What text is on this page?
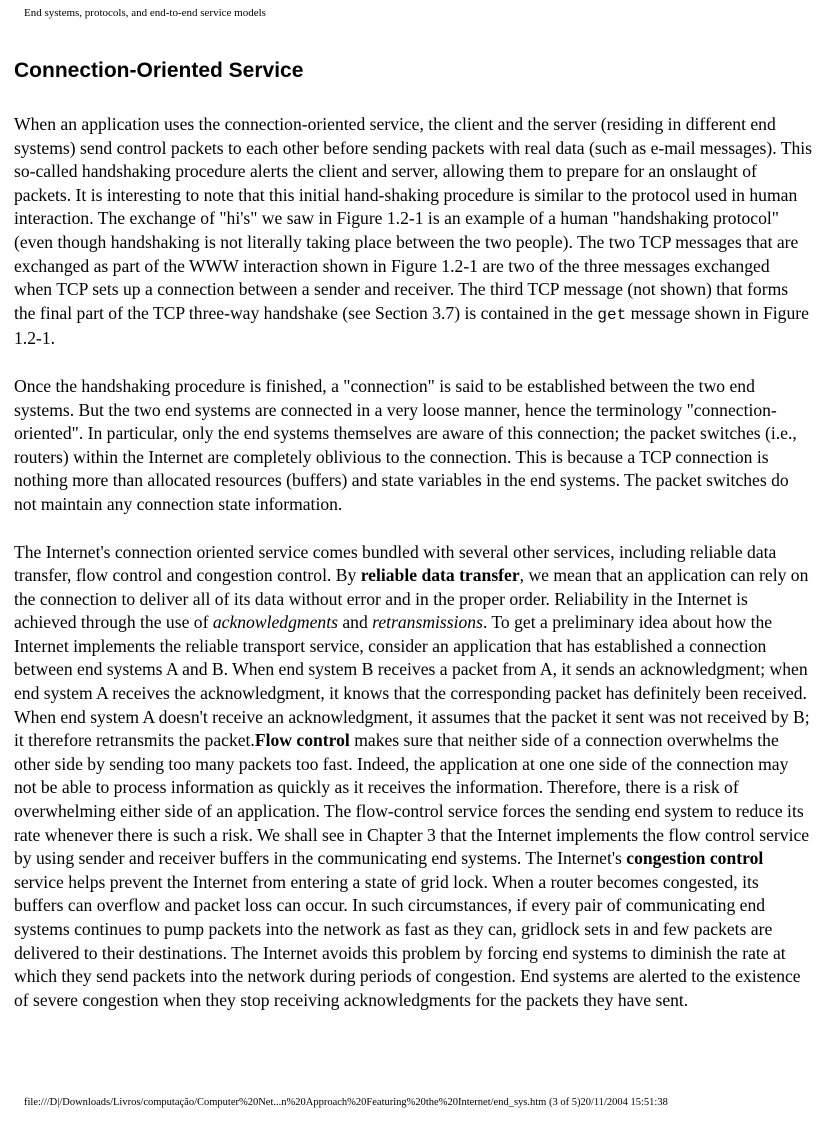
End systems, protocols, and end-to-end service models
Connection-Oriented Service

When an application uses the connection-oriented service, the client and the server (residing in different end systems) send control packets to each other before sending packets with real data (such as e-mail messages). This so-called handshaking procedure alerts the client and server, allowing them to prepare for an onslaught of packets. It is interesting to note that this initial hand-shaking procedure is similar to the protocol used in human interaction. The exchange of "hi's" we saw in Figure 1.2-1 is an example of a human "handshaking protocol" (even though handshaking is not literally taking place between the two people). The two TCP messages that are exchanged as part of the WWW interaction shown in Figure 1.2-1 are two of the three messages exchanged when TCP sets up a connection between a sender and receiver. The third TCP message (not shown) that forms the final part of the TCP three-way handshake (see Section 3.7) is contained in the get message shown in Figure 1.2-1.

Once the handshaking procedure is finished, a "connection" is said to be established between the two end systems. But the two end systems are connected in a very loose manner, hence the terminology "connection-oriented". In particular, only the end systems themselves are aware of this connection; the packet switches (i.e., routers) within the Internet are completely oblivious to the connection. This is because a TCP connection is nothing more than allocated resources (buffers) and state variables in the end systems. The packet switches do not maintain any connection state information.

The Internet's connection oriented service comes bundled with several other services, including reliable data transfer, flow control and congestion control. By reliable data transfer, we mean that an application can rely on the connection to deliver all of its data without error and in the proper order. Reliability in the Internet is achieved through the use of acknowledgments and retransmissions. To get a preliminary idea about how the Internet implements the reliable transport service, consider an application that has established a connection between end systems A and B. When end system B receives a packet from A, it sends an acknowledgment; when end system A receives the acknowledgment, it knows that the corresponding packet has definitely been received. When end system A doesn't receive an acknowledgment, it assumes that the packet it sent was not received by B; it therefore retransmits the packet.Flow control makes sure that neither side of a connection overwhelms the other side by sending too many packets too fast. Indeed, the application at one one side of the connection may not be able to process information as quickly as it receives the information. Therefore, there is a risk of overwhelming either side of an application. The flow-control service forces the sending end system to reduce its rate whenever there is such a risk. We shall see in Chapter 3 that the Internet implements the flow control service by using sender and receiver buffers in the communicating end systems. The Internet's congestion control service helps prevent the Internet from entering a state of grid lock. When a router becomes congested, its buffers can overflow and packet loss can occur. In such circumstances, if every pair of communicating end systems continues to pump packets into the network as fast as they can, gridlock sets in and few packets are delivered to their destinations. The Internet avoids this problem by forcing end systems to diminish the rate at which they send packets into the network during periods of congestion. End systems are alerted to the existence of severe congestion when they stop receiving acknowledgments for the packets they have sent.

file:///D|/Downloads/Livros/computação/Computer%20Net...n%20Approach%20Featuring%20the%20Internet/end_sys.htm (3 of 5)20/11/2004 15:51:38
